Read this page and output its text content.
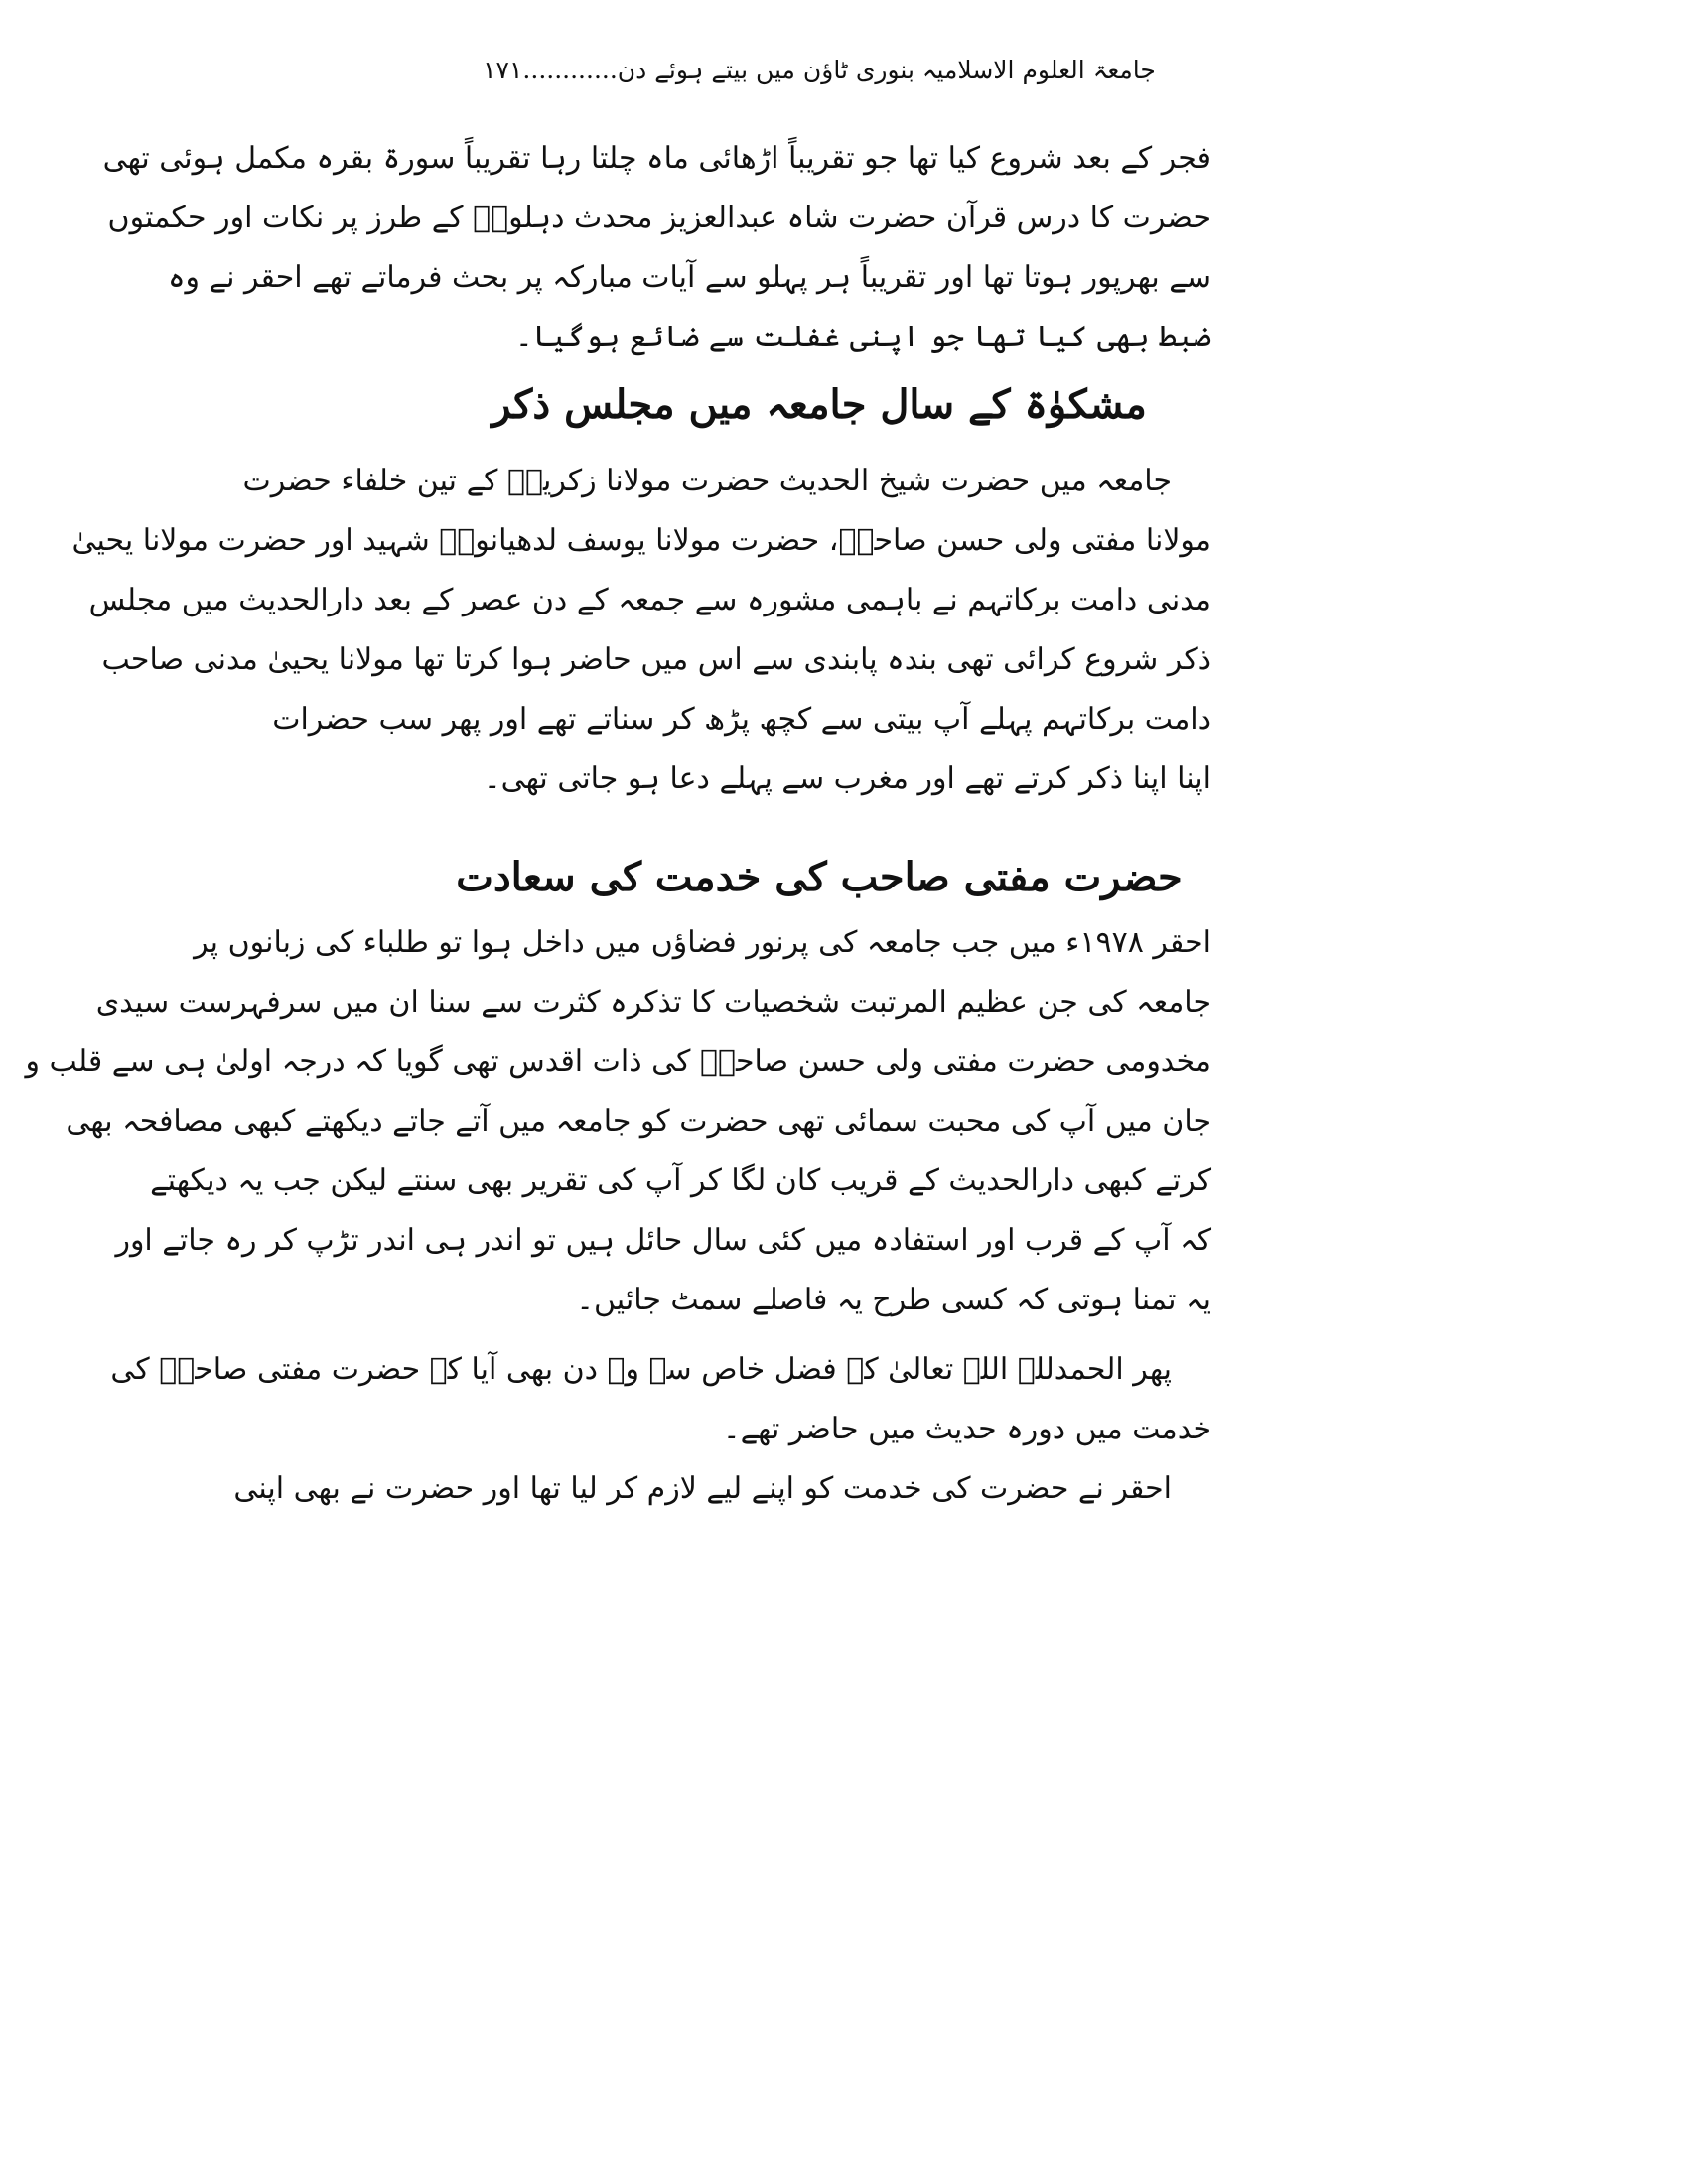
جامعۃ العلوم الاسلامیہ بنوری ٹاؤن میں بیتے ہوئے دن............۱۷۱
فجر کے بعد شروع کیا تھا جو تقریباً اڑھائی ماہ چلتا رہا تقریباً سورۃ بقرہ مکمل ہوئی تھی
حضرت کا درس قرآن حضرت شاہ عبدالعزیز محدث دہلویؒ کے طرز پر نکات اور حکمتوں
سے بھرپور ہوتا تھا اور تقریباً ہر پہلو سے آیات مبارکہ پر بحث فرماتے تھے احقر نے وہ
ضبط بھی کیا تھا جو اپنی غفلت سے ضائع ہوگیا۔
مشکوٰۃ کے سال جامعہ میں مجلس ذکر
جامعہ میں حضرت شیخ الحدیث حضرت مولانا زکریاؒ کے تین خلفاء حضرت
مولانا مفتی ولی حسن صاحبؒ، حضرت مولانا یوسف لدھیانویؒ شہید اور حضرت مولانا یحییٰ
مدنی دامت برکاتہم نے باہمی مشورہ سے جمعہ کے دن عصر کے بعد دارالحدیث میں مجلس
ذکر شروع کرائی تھی بندہ پابندی سے اس میں حاضر ہوا کرتا تھا مولانا یحییٰ مدنی صاحب
دامت برکاتہم پہلے آپ بیتی سے کچھ پڑھ کر سناتے تھے اور پھر سب حضرات
اپنا اپنا ذکر کرتے تھے اور مغرب سے پہلے دعا ہو جاتی تھی۔
حضرت مفتی صاحب کی خدمت کی سعادت
احقر ۱۹۷۸ء میں جب جامعہ کی پرنور فضاؤں میں داخل ہوا تو طلباء کی زبانوں پر
جامعہ کی جن عظیم المرتبت شخصیات کا تذکرہ کثرت سے سنا ان میں سرفہرست سیدی
مخدومی حضرت مفتی ولی حسن صاحبؒ کی ذات اقدس تھی گویا کہ درجہ اولیٰ ہی سے قلب و
جان میں آپ کی محبت سمائی تھی حضرت کو جامعہ میں آتے جاتے دیکھتے کبھی مصافحہ بھی
کرتے کبھی دارالحدیث کے قریب کان لگا کر آپ کی تقریر بھی سنتے لیکن جب یہ دیکھتے
کہ آپ کے قرب اور استفادہ میں کئی سال حائل ہیں تو اندر ہی اندر تڑپ کر رہ جاتے اور
یہ تمنا ہوتی کہ کسی طرح یہ فاصلے سمٹ جائیں۔
پھر الحمدللہ اللہ تعالیٰ کے فضل خاص سے وہ دن بھی آیا کہ حضرت مفتی صاحبؒ کی
خدمت میں دورہ حدیث میں حاضر تھے۔
احقر نے حضرت کی خدمت کو اپنے لیے لازم کر لیا تھا اور حضرت نے بھی اپنی
